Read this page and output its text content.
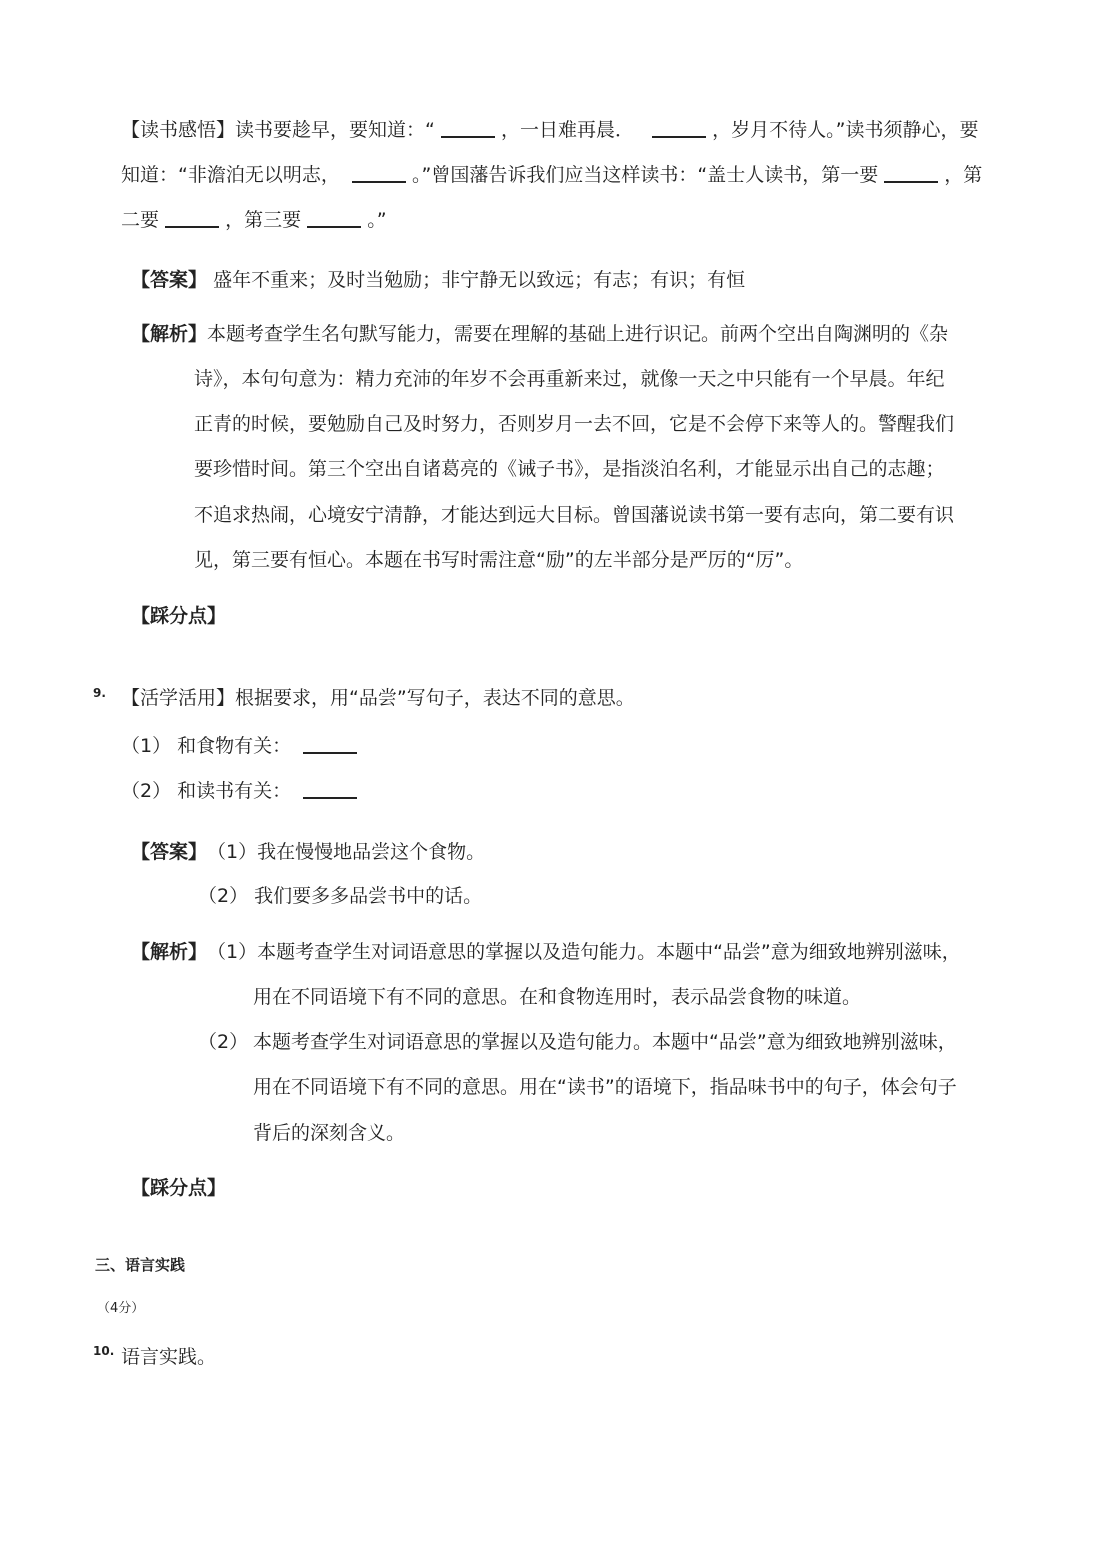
【读书感悟】读书要趁早，要知道：“	，一日难再晨．	，岁月不待人。”读书须静心，要
知道：“非澹泊无以明志，	。”曾国藩告诉我们应当这样读书：“盖士人读书，第一要	，第
二要	，第三要	。”
【答案】 盛年不重来；及时当勉励；非宁静无以致远；有志；有识；有恒
【解析】 本题考查学生名句默写能力，需要在理解的基础上进行识记。前两个空出自陶渊明的《杂
诗》，本句句意为：精力充沛的年岁不会再重新来过，就像一天之中只能有一个早晨。年纪
正青的时候，要勉励自己及时努力，否则岁月一去不回，它是不会停下来等人的。警醒我们
要珍惜时间。第三个空出自诸葛亮的《诫子书》，是指淡泊名利，才能显示出自己的志趣；
不追求热闹，心境安宁清静，才能达到远大目标。曾国藩说读书第一要有志向，第二要有识
见，第三要有恒心。本题在书写时需注意“励”的左半部分是严厉的“厉”。
【踩分点】
9. 【活学活用】根据要求，用“品尝”写句子，表达不同的意思。
（1） 和食物有关：
（2） 和读书有关：
【答案】 （1）我在慢慢地品尝这个食物。
（2） 我们要多多品尝书中的话。
【解析】 （1）本题考查学生对词语意思的掌握以及造句能力。本题中“品尝”意为细致地辨别滋味，
用在不同语境下有不同的意思。在和食物连用时，表示品尝食物的味道。
（2） 本题考查学生对词语意思的掌握以及造句能力。本题中“品尝”意为细致地辨别滋味，
用在不同语境下有不同的意思。用在“读书”的语境下，指品味书中的句子，体会句子
背后的深刻含义。
【踩分点】
三、语言实践
（4分）
10. 语言实践。
